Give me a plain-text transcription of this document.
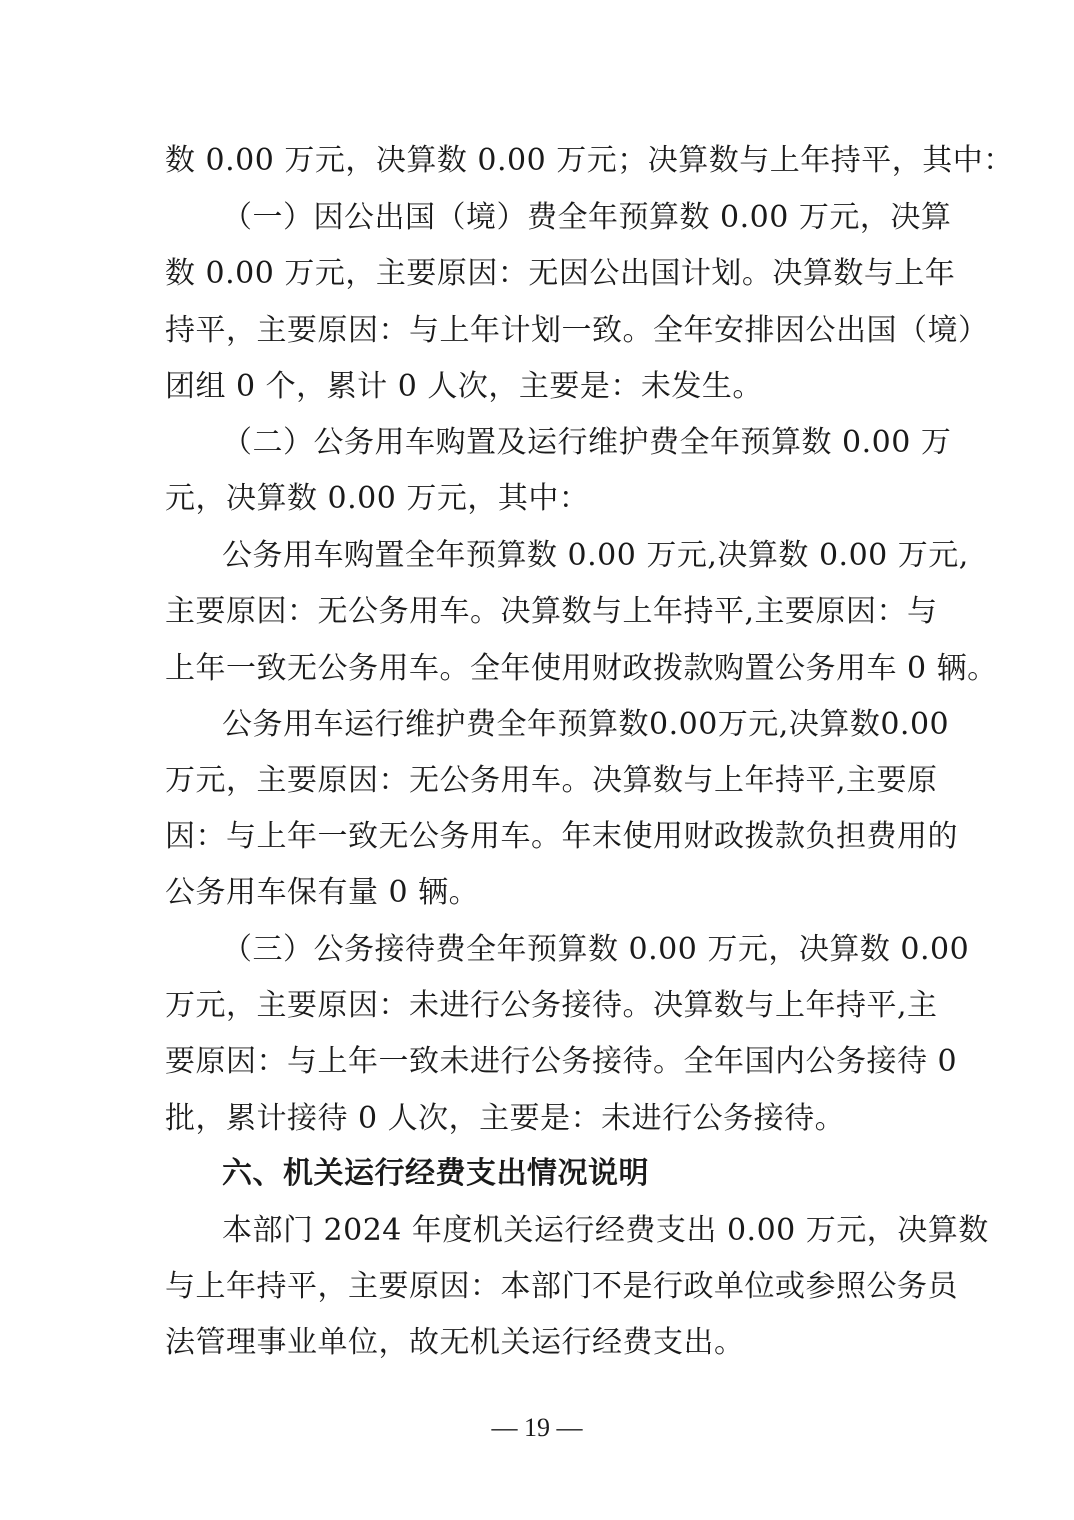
数 0.00 万元，决算数 0.00 万元；决算数与上年持平，其中：

（一）因公出国（境）费全年预算数 0.00 万元，决算

数 0.00 万元，主要原因：无因公出国计划。决算数与上年

持平，主要原因：与上年计划一致。全年安排因公出国（境）

团组 0 个，累计 0 人次，主要是：未发生。

（二）公务用车购置及运行维护费全年预算数 0.00 万

元，决算数 0.00 万元，其中：

公务用车购置全年预算数 0.00 万元,决算数 0.00 万元,

主要原因：无公务用车。决算数与上年持平,主要原因：与

上年一致无公务用车。全年使用财政拨款购置公务用车 0 辆。

公务用车运行维护费全年预算数0.00万元,决算数0.00

万元，主要原因：无公务用车。决算数与上年持平,主要原

因：与上年一致无公务用车。年末使用财政拨款负担费用的

公务用车保有量 0 辆。

（三）公务接待费全年预算数 0.00 万元，决算数 0.00

万元，主要原因：未进行公务接待。决算数与上年持平,主

要原因：与上年一致未进行公务接待。全年国内公务接待 0

批，累计接待 0 人次，主要是：未进行公务接待。

六、机关运行经费支出情况说明

本部门 2024 年度机关运行经费支出 0.00 万元，决算数

与上年持平，主要原因：本部门不是行政单位或参照公务员

法管理事业单位，故无机关运行经费支出。

— 19 —
